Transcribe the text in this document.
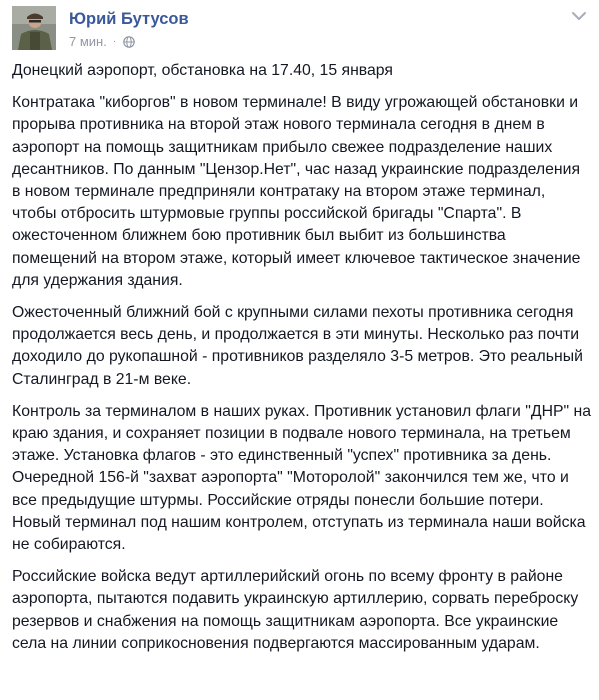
Юрий Бутусов
7 мин. ·

Донецкий аэропорт, обстановка на 17.40, 15 января

Контратака "киборгов" в новом терминале! В виду угрожающей обстановки и прорыва противника на второй этаж нового терминала сегодня в днем в аэропорт на помощь защитникам прибыло свежее подразделение наших десантников. По данным "Цензор.Нет", час назад украинские подразделения в новом терминале предприняли контратаку на втором этаже терминал, чтобы отбросить штурмовые группы российской бригады "Спарта". В ожесточенном ближнем бою противник был выбит из большинства помещений на втором этаже, который имеет ключевое тактическое значение для удержания здания.

Ожесточенный ближний бой с крупными силами пехоты противника сегодня продолжается весь день, и продолжается в эти минуты. Несколько раз почти доходило до рукопашной - противников разделяло 3-5 метров. Это реальный Сталинград в 21-м веке.

Контроль за терминалом в наших руках. Противник установил флаги "ДНР" на краю здания, и сохраняет позиции в подвале нового терминала, на третьем этаже. Установка флагов - это единственный "успех" противника за день. Очередной 156-й "захват аэропорта" "Моторолой" закончился тем же, что и все предыдущие штурмы. Российские отряды понесли большие потери. Новый терминал под нашим контролем, отступать из терминала наши войска не собираются.

Российские войска ведут артиллерийский огонь по всему фронту в районе аэропорта, пытаются подавить украинскую артиллерию, сорвать переброску резервов и снабжения на помощь защитникам аэропорта. Все украинские села на линии соприкосновения подвергаются массированным ударам.
